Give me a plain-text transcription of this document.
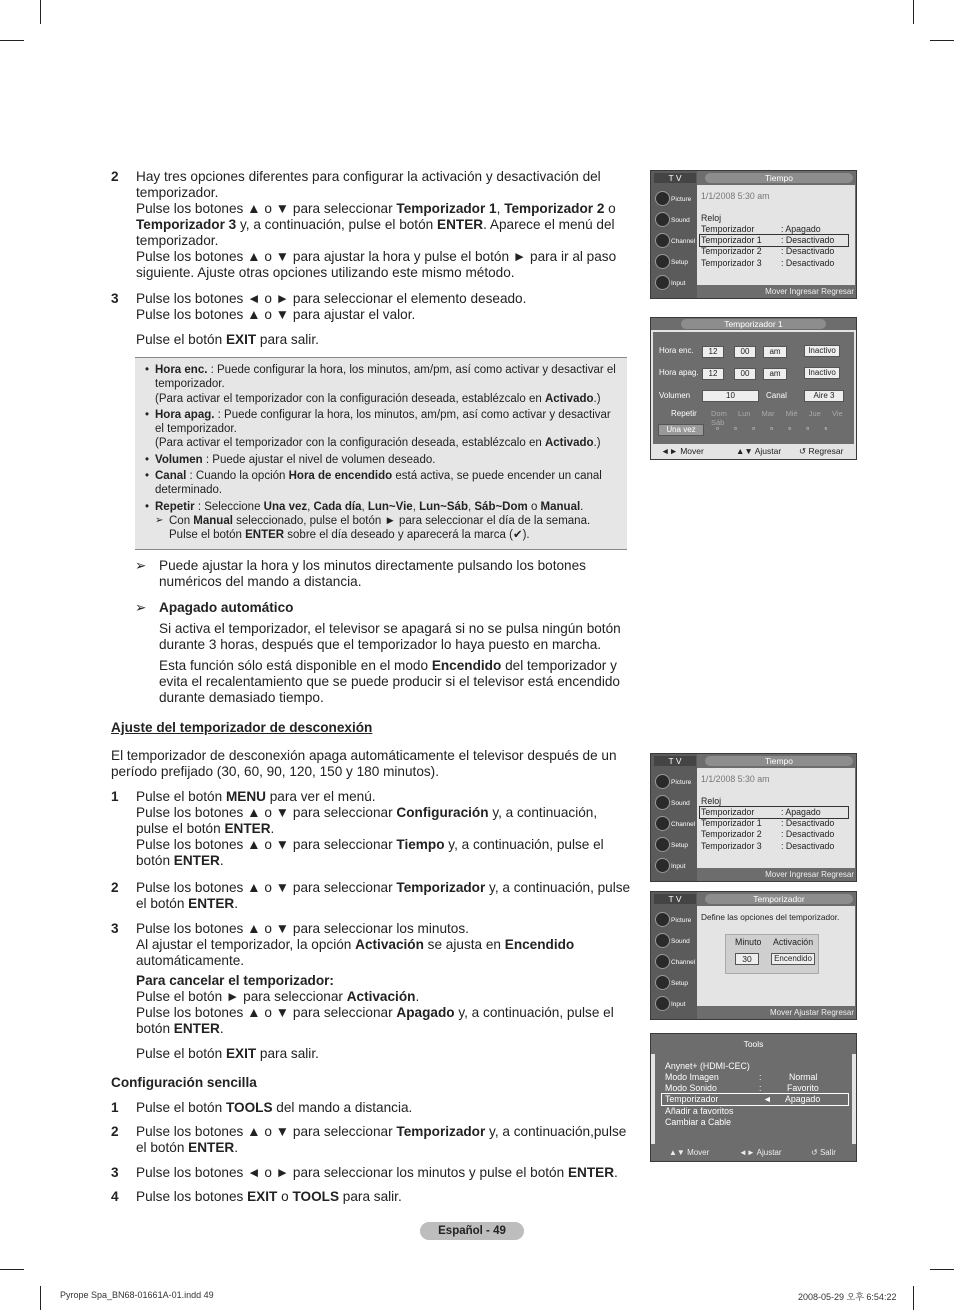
2 Hay tres opciones diferentes para configurar la activación y desactivación del temporizador.

Pulse los botones ▲ o ▼ para seleccionar Temporizador 1, Temporizador 2 o Temporizador 3 y, a continuación, pulse el botón ENTER. Aparece el menú del temporizador.

Pulse los botones ▲ o ▼ para ajustar la hora y pulse el botón ► para ir al paso siguiente. Ajuste otras opciones utilizando este mismo método.

3 Pulse los botones ◄ o ► para seleccionar el elemento deseado.

Pulse los botones ▲ o ▼ para ajustar el valor.

Pulse el botón EXIT para salir.

• Hora enc. : Puede configurar la hora, los minutos, am/pm, así como activar y desactivar el temporizador.
(Para activar el temporizador con la configuración deseada, establézcalo en Activado.)
• Hora apag. : Puede configurar la hora, los minutos, am/pm, así como activar y desactivar el temporizador.
(Para activar el temporizador con la configuración deseada, establézcalo en Activado.)
• Volumen : Puede ajustar el nivel de volumen deseado.
• Canal : Cuando la opción Hora de encendido está activa, se puede encender un canal determinado.
• Repetir : Seleccione Una vez, Cada día, Lun~Vie, Lun~Sáb, Sáb~Dom o Manual.
➢ Con Manual seleccionado, pulse el botón ► para seleccionar el día de la semana. Pulse el botón ENTER sobre el día deseado y aparecerá la marca (✔).
➢ Puede ajustar la hora y los minutos directamente pulsando los botones numéricos del mando a distancia.

➢ Apagado automático

Si activa el temporizador, el televisor se apagará si no se pulsa ningún botón durante 3 horas, después que el temporizador lo haya puesto en marcha.

Esta función sólo está disponible en el modo Encendido del temporizador y evita el recalentamiento que se puede producir si el televisor está encendido durante demasiado tiempo.

Ajuste del temporizador de desconexión
El temporizador de desconexión apaga automáticamente el televisor después de un período prefijado (30, 60, 90, 120, 150 y 180 minutos).
1 Pulse el botón MENU para ver el menú.

Pulse los botones ▲ o ▼ para seleccionar Configuración y, a continuación, pulse el botón ENTER.

Pulse los botones ▲ o ▼ para seleccionar Tiempo y, a continuación, pulse el botón ENTER.

2 Pulse los botones ▲ o ▼ para seleccionar Temporizador y, a continuación, pulse el botón ENTER.

3 Pulse los botones ▲ o ▼ para seleccionar los minutos.

Al ajustar el temporizador, la opción Activación se ajusta en Encendido automáticamente.

Para cancelar el temporizador:

Pulse el botón ► para seleccionar Activación.

Pulse los botones ▲ o ▼ para seleccionar Apagado y, a continuación, pulse el botón ENTER.

Pulse el botón EXIT para salir.

Configuración sencilla
1 Pulse el botón TOOLS del mando a distancia.

2 Pulse los botones ▲ o ▼ para seleccionar Temporizador y, a continuación,pulse el botón ENTER.

3 Pulse los botones ◄ o ► para seleccionar los minutos y pulse el botón ENTER.

4 Pulse los botones EXIT o TOOLS para salir.

T V	Tiempo
Picture
Sound
Channel
Setup
Input
1/1/2008 5:30 am
Reloj
Temporizador	: Apagado
Temporizador 1 : Desactivado
Temporizador 2 : Desactivado
Temporizador 3 : Desactivado
Mover Ingresar Regresar
Temporizador 1
Hora enc.	12	00	am	Inactivo
Hora apag.	12	00	am	Inactivo
Volumen	10	Canal	Aire 3
Repetir Dom Lun Mar Mié Jue Vie Sáb
Una vez	▫ ▫ ▫ ▫ ▫ ▫ ▫
◄► Mover	▲▼ Ajustar ↺ Regresar
T V	Tiempo
Picture
Sound
Channel
Setup
Input
1/1/2008 5:30 am
Reloj
Temporizador	: Apagado
Temporizador 1 : Desactivado
Temporizador 2 : Desactivado
Temporizador 3 : Desactivado
Mover Ingresar Regresar
T V	Temporizador
Picture
Sound
Channel
Setup
Input
Define las opciones del temporizador.
Minuto Activación
30	Encendido
Mover Ajustar Regresar
Tools
Anynet+ (HDMI-CEC)
Modo Imagen	:	Normal
Modo Sonido	:	Favorito
Temporizador	◄ Apagado
Añadir a favoritos
Cambiar a Cable
▲▼ Mover	◄► Ajustar	↺ Salir
Español - 49
Pyrope Spa_BN68-01661A-01.indd 49	2008-05-29 오후 6:54:22
